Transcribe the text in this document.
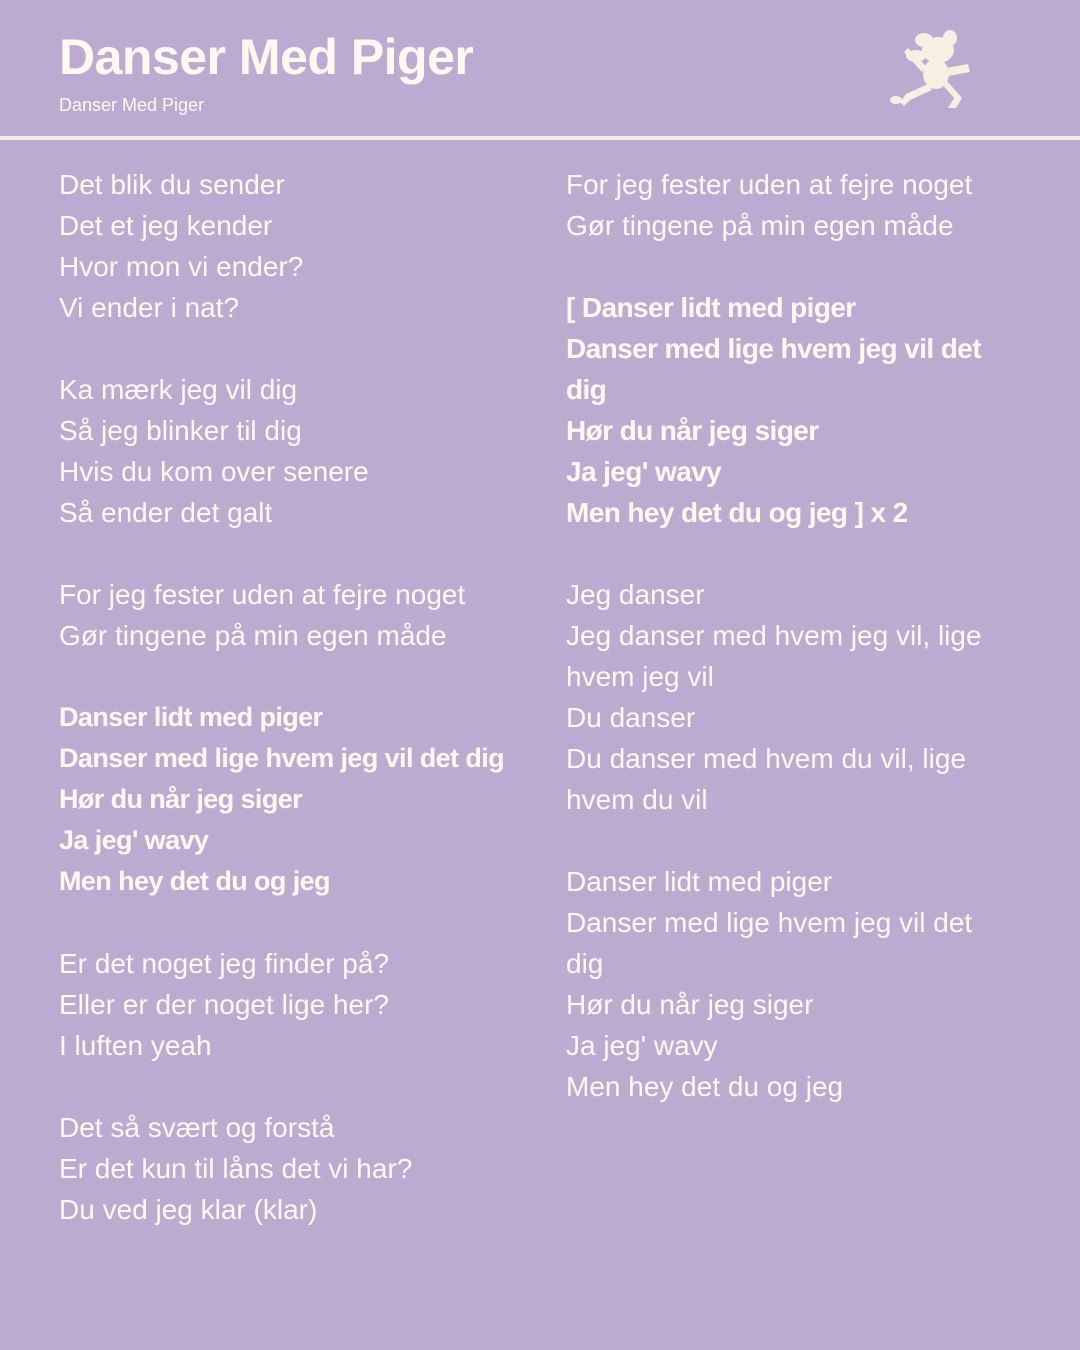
Danser Med Piger
Danser Med Piger
Det blik du sender
Det et jeg kender
Hvor mon vi ender?
Vi ender i nat?
Ka mærk jeg vil dig
Så jeg blinker til dig
Hvis du kom over senere
Så ender det galt
For jeg fester uden at fejre noget
Gør tingene på min egen måde
Danser lidt med piger
Danser med lige hvem jeg vil det dig
Hør du når jeg siger
Ja jeg' wavy
Men hey det du og jeg
Er det noget jeg finder på?
Eller er der noget lige her?
I luften yeah
Det så svært og forstå
Er det kun til låns det vi har?
Du ved jeg klar (klar)
For jeg fester uden at fejre noget
Gør tingene på min egen måde
[ Danser lidt med piger
Danser med lige hvem jeg vil det dig
Hør du når jeg siger
Ja jeg' wavy
Men hey det du og jeg ] x 2
Jeg danser
Jeg danser med hvem jeg vil, lige hvem jeg vil
Du danser
Du danser med hvem du vil, lige hvem du vil
Danser lidt med piger
Danser med lige hvem jeg vil det dig
Hør du når jeg siger
Ja jeg' wavy
Men hey det du og jeg
